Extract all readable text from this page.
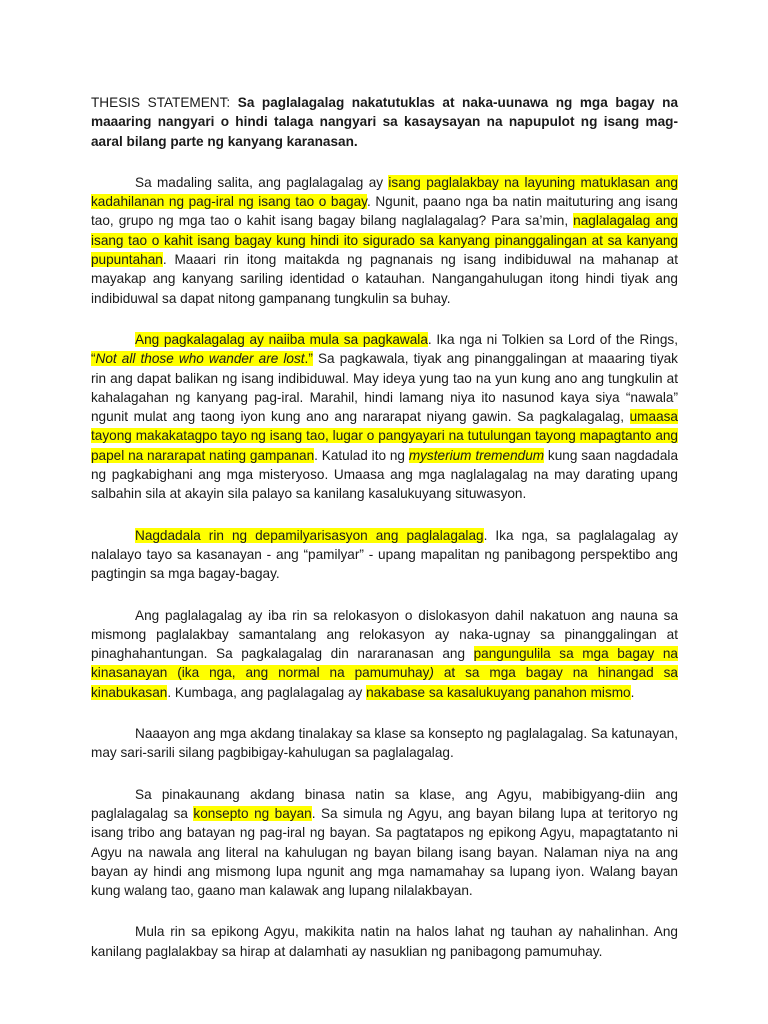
THESIS STATEMENT: Sa paglalagalag nakatutuklas at naka-uunawa ng mga bagay na maaaring nangyari o hindi talaga nangyari sa kasaysayan na napupulot ng isang mag-aaral bilang parte ng kanyang karanasan.

Sa madaling salita, ang paglalagalag ay isang paglalakbay na layuning matuklasan ang kadahilanan ng pag-iral ng isang tao o bagay. Ngunit, paano nga ba natin maituturing ang isang tao, grupo ng mga tao o kahit isang bagay bilang naglalagalag? Para sa’min, naglalagalag ang isang tao o kahit isang bagay kung hindi ito sigurado sa kanyang pinanggalingan at sa kanyang pupuntahan. Maaari rin itong maitakda ng pagnanais ng isang indibiduwal na mahanap at mayakap ang kanyang sariling identidad o katauhan. Nangangahulugan itong hindi tiyak ang indibiduwal sa dapat nitong gampanang tungkulin sa buhay.

Ang pagkalagalag ay naiiba mula sa pagkawala. Ika nga ni Tolkien sa Lord of the Rings, “Not all those who wander are lost.” Sa pagkawala, tiyak ang pinanggalingan at maaaring tiyak rin ang dapat balikan ng isang indibiduwal. May ideya yung tao na yun kung ano ang tungkulin at kahalagahan ng kanyang pag-iral. Marahil, hindi lamang niya ito nasunod kaya siya “nawala” ngunit mulat ang taong iyon kung ano ang nararapat niyang gawin. Sa pagkalagalag, umaasa tayong makakatagpo tayo ng isang tao, lugar o pangyayari na tutulungan tayong mapagtanto ang papel na nararapat nating gampanan. Katulad ito ng mysterium tremendum kung saan nagdadala ng pagkabighani ang mga misteryoso. Umaasa ang mga naglalagalag na may darating upang salbahin sila at akayin sila palayo sa kanilang kasalukuyang situwasyon.

Nagdadala rin ng depamilyarisasyon ang paglalagalag. Ika nga, sa paglalagalag ay nalalayo tayo sa kasanayan - ang “pamilyar” - upang mapalitan ng panibagong perspektibo ang pagtingin sa mga bagay-bagay.

Ang paglalagalag ay iba rin sa relokasyon o dislokasyon dahil nakatuon ang nauna sa mismong paglalakbay samantalang ang relokasyon ay naka-ugnay sa pinanggalingan at pinaghahantungan. Sa pagkalagalag din nararanasan ang pangungulila sa mga bagay na kinasanayan (ika nga, ang normal na pamumuhay) at sa mga bagay na hinangad sa kinabukasan. Kumbaga, ang paglalagalag ay nakabase sa kasalukuyang panahon mismo.

Naaayon ang mga akdang tinalakay sa klase sa konsepto ng paglalagalag. Sa katunayan, may sari-sarili silang pagbibigay-kahulugan sa paglalagalag.

Sa pinakaunang akdang binasa natin sa klase, ang Agyu, mabibigyang-diin ang paglalagalag sa konsepto ng bayan. Sa simula ng Agyu, ang bayan bilang lupa at teritoryo ng isang tribo ang batayan ng pag-iral ng bayan. Sa pagtatapos ng epikong Agyu, mapagtatanto ni Agyu na nawala ang literal na kahulugan ng bayan bilang isang bayan. Nalaman niya na ang bayan ay hindi ang mismong lupa ngunit ang mga namamahay sa lupang iyon. Walang bayan kung walang tao, gaano man kalawak ang lupang nilalakbayan.

Mula rin sa epikong Agyu, makikita natin na halos lahat ng tauhan ay nahalinhan. Ang kanilang paglalakbay sa hirap at dalamhati ay nasuklian ng panibagong pamumuhay.
